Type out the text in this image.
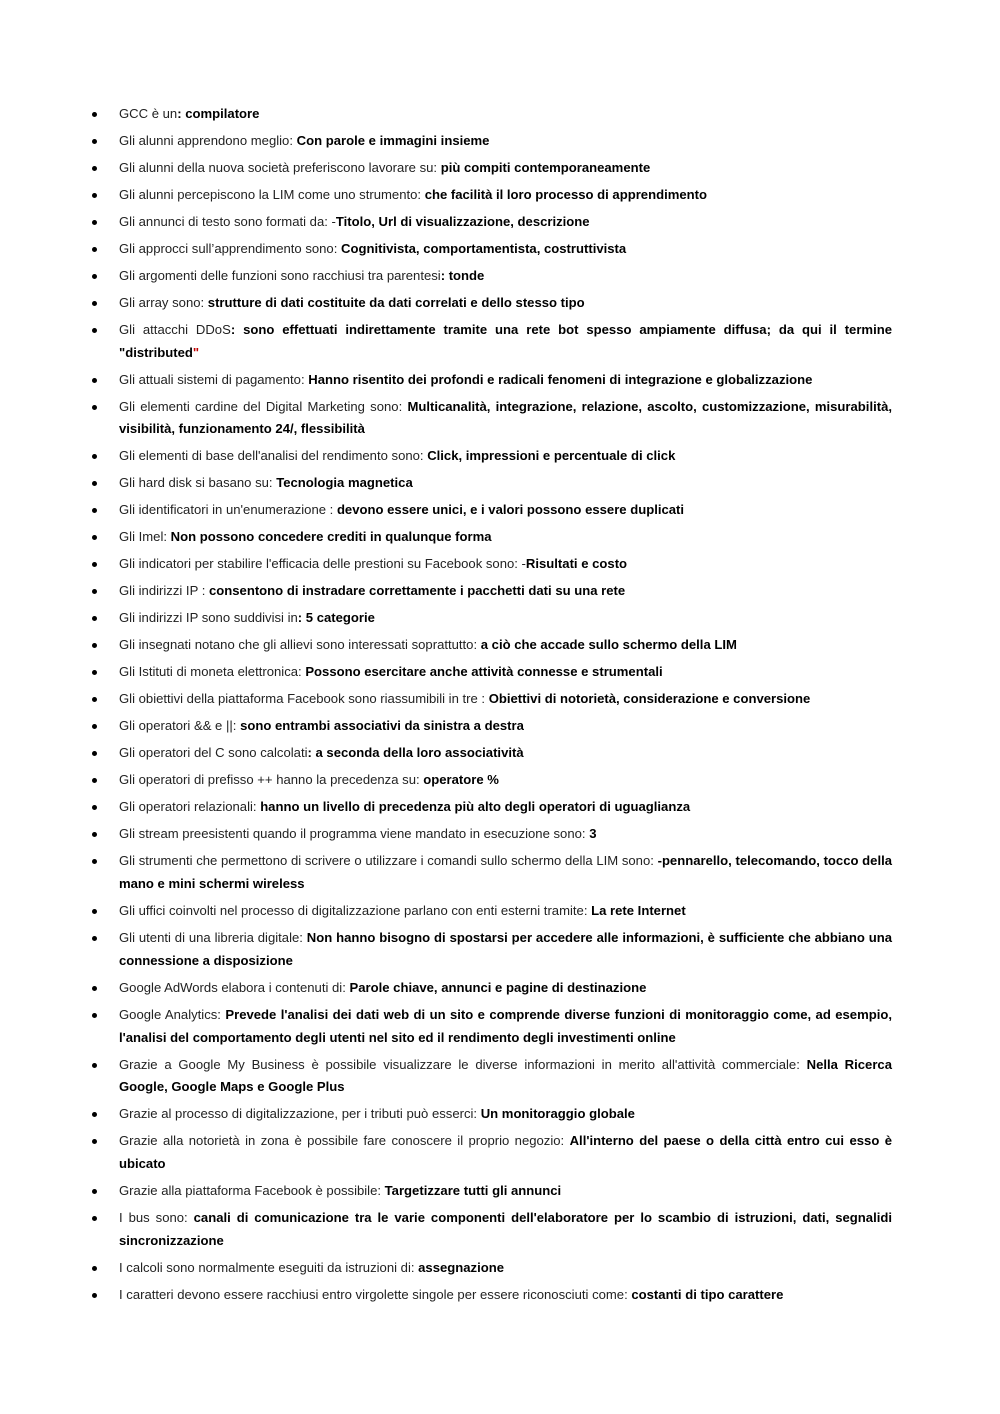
GCC è un: compilatore
Gli alunni apprendono meglio: Con parole e immagini insieme
Gli alunni della nuova società preferiscono lavorare su: più compiti contemporaneamente
Gli alunni percepiscono la LIM come uno strumento: che facilità il loro processo di apprendimento
Gli annunci di testo sono formati da: -Titolo, Url di visualizzazione, descrizione
Gli approcci sull’apprendimento sono: Cognitivista, comportamentista, costruttivista
Gli argomenti delle funzioni sono racchiusi tra parentesi: tonde
Gli array sono: strutture di dati costituite da dati correlati e dello stesso tipo
Gli attacchi DDoS: sono effettuati indirettamente tramite una rete bot spesso ampiamente diffusa; da qui il termine "distributed"
Gli attuali sistemi di pagamento: Hanno risentito dei profondi e radicali fenomeni di integrazione e globalizzazione
Gli elementi cardine del Digital Marketing sono: Multicanalità, integrazione, relazione, ascolto, customizzazione, misurabilità, visibilità, funzionamento 24/, flessibilità
Gli elementi di base dell'analisi del rendimento sono: Click, impressioni e percentuale di click
Gli hard disk si basano su: Tecnologia magnetica
Gli identificatori in un'enumerazione : devono essere unici, e i valori possono essere duplicati
Gli Imel: Non possono concedere crediti in qualunque forma
Gli indicatori per stabilire l'efficacia delle prestioni su Facebook sono: -Risultati e costo
Gli indirizzi IP : consentono di instradare correttamente i pacchetti dati su una rete
Gli indirizzi IP sono suddivisi in: 5 categorie
Gli insegnati notano che gli allievi sono interessati soprattutto: a ciò che accade sullo schermo della LIM
Gli Istituti di moneta elettronica: Possono esercitare anche attività connesse e strumentali
Gli obiettivi della piattaforma Facebook sono riassumibili in tre : Obiettivi di notorietà, considerazione e conversione
Gli operatori && e ||: sono entrambi associativi da sinistra a destra
Gli operatori del C sono calcolati: a seconda della loro associatività
Gli operatori di prefisso ++ hanno la precedenza su: operatore %
Gli operatori relazionali: hanno un livello di precedenza più alto degli operatori di uguaglianza
Gli stream preesistenti quando il programma viene mandato in esecuzione sono: 3
Gli strumenti che permettono di scrivere o utilizzare i comandi sullo schermo della LIM sono: -pennarello, telecomando, tocco della mano e mini schermi wireless
Gli uffici coinvolti nel processo di digitalizzazione parlano con enti esterni tramite: La rete Internet
Gli utenti di una libreria digitale: Non hanno bisogno di spostarsi per accedere alle informazioni, è sufficiente che abbiano una connessione a disposizione
Google AdWords elabora i contenuti di: Parole chiave, annunci e pagine di destinazione
Google Analytics: Prevede l'analisi dei dati web di un sito e comprende diverse funzioni di monitoraggio come, ad esempio, l'analisi del comportamento degli utenti nel sito ed il rendimento degli investimenti online
Grazie a Google My Business è possibile visualizzare le diverse informazioni in merito all'attività commerciale: Nella Ricerca Google, Google Maps e Google Plus
Grazie al processo di digitalizzazione, per i tributi può esserci: Un monitoraggio globale
Grazie alla notorietà in zona è possibile fare conoscere il proprio negozio: All'interno del paese o della città entro cui esso è ubicato
Grazie alla piattaforma Facebook è possibile: Targetizzare tutti gli annunci
I bus sono: canali di comunicazione tra le varie componenti dell'elaboratore per lo scambio di istruzioni, dati, segnalidi sincronizzazione
I calcoli sono normalmente eseguiti da istruzioni di: assegnazione
I caratteri devono essere racchiusi entro virgolette singole per essere riconosciuti come: costanti di tipo carattere
